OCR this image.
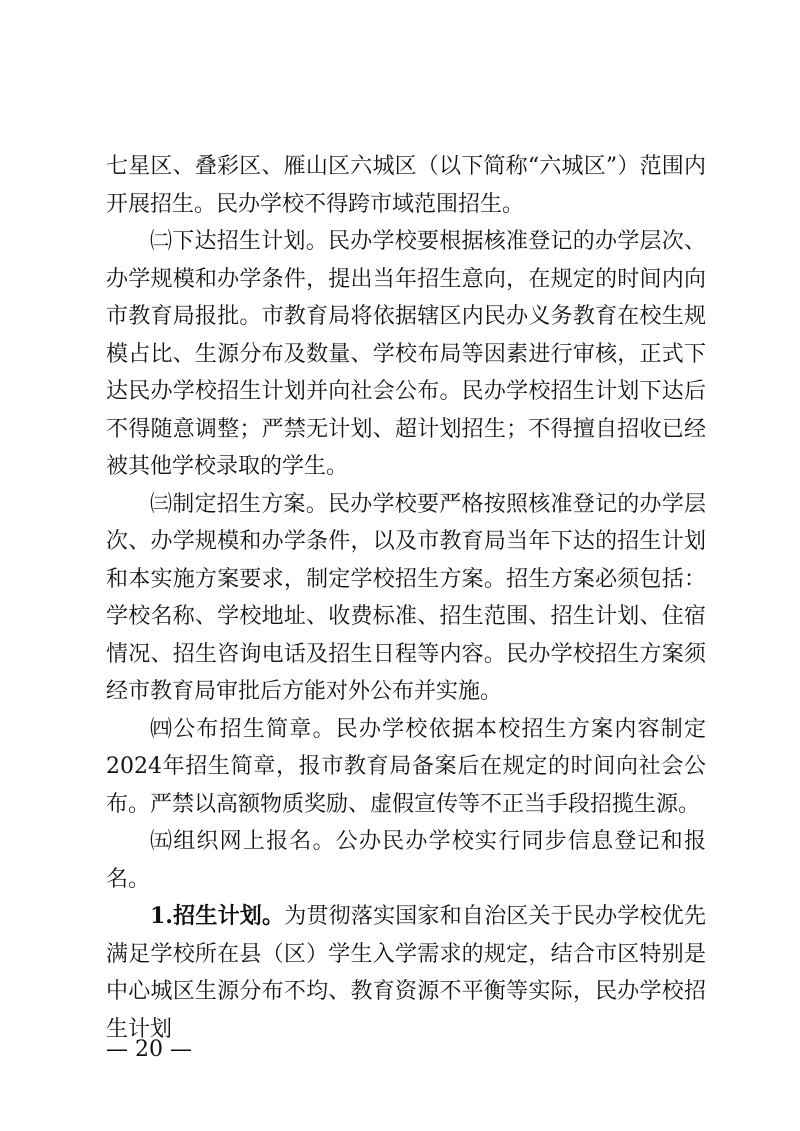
七星区、叠彩区、雁山区六城区（以下简称“六城区”）范围内开展招生。民办学校不得跨市域范围招生。

㈡下达招生计划。民办学校要根据核准登记的办学层次、办学规模和办学条件，提出当年招生意向，在规定的时间内向市教育局报批。市教育局将依据辖区内民办义务教育在校生规模占比、生源分布及数量、学校布局等因素进行审核，正式下达民办学校招生计划并向社会公布。民办学校招生计划下达后不得随意调整；严禁无计划、超计划招生；不得擅自招收已经被其他学校录取的学生。

㈢制定招生方案。民办学校要严格按照核准登记的办学层次、办学规模和办学条件，以及市教育局当年下达的招生计划和本实施方案要求，制定学校招生方案。招生方案必须包括：学校名称、学校地址、收费标准、招生范围、招生计划、住宿情况、招生咨询电话及招生日程等内容。民办学校招生方案须经市教育局审批后方能对外公布并实施。

㈣公布招生简章。民办学校依据本校招生方案内容制定2024年招生简章，报市教育局备案后在规定的时间向社会公布。严禁以高额物质奖励、虚假宣传等不正当手段招揽生源。

㈤组织网上报名。公办民办学校实行同步信息登记和报名。

1.招生计划。为贯彻落实国家和自治区关于民办学校优先满足学校所在县（区）学生入学需求的规定，结合市区特别是中心城区生源分布不均、教育资源不平衡等实际，民办学校招生计划

— 20 —
